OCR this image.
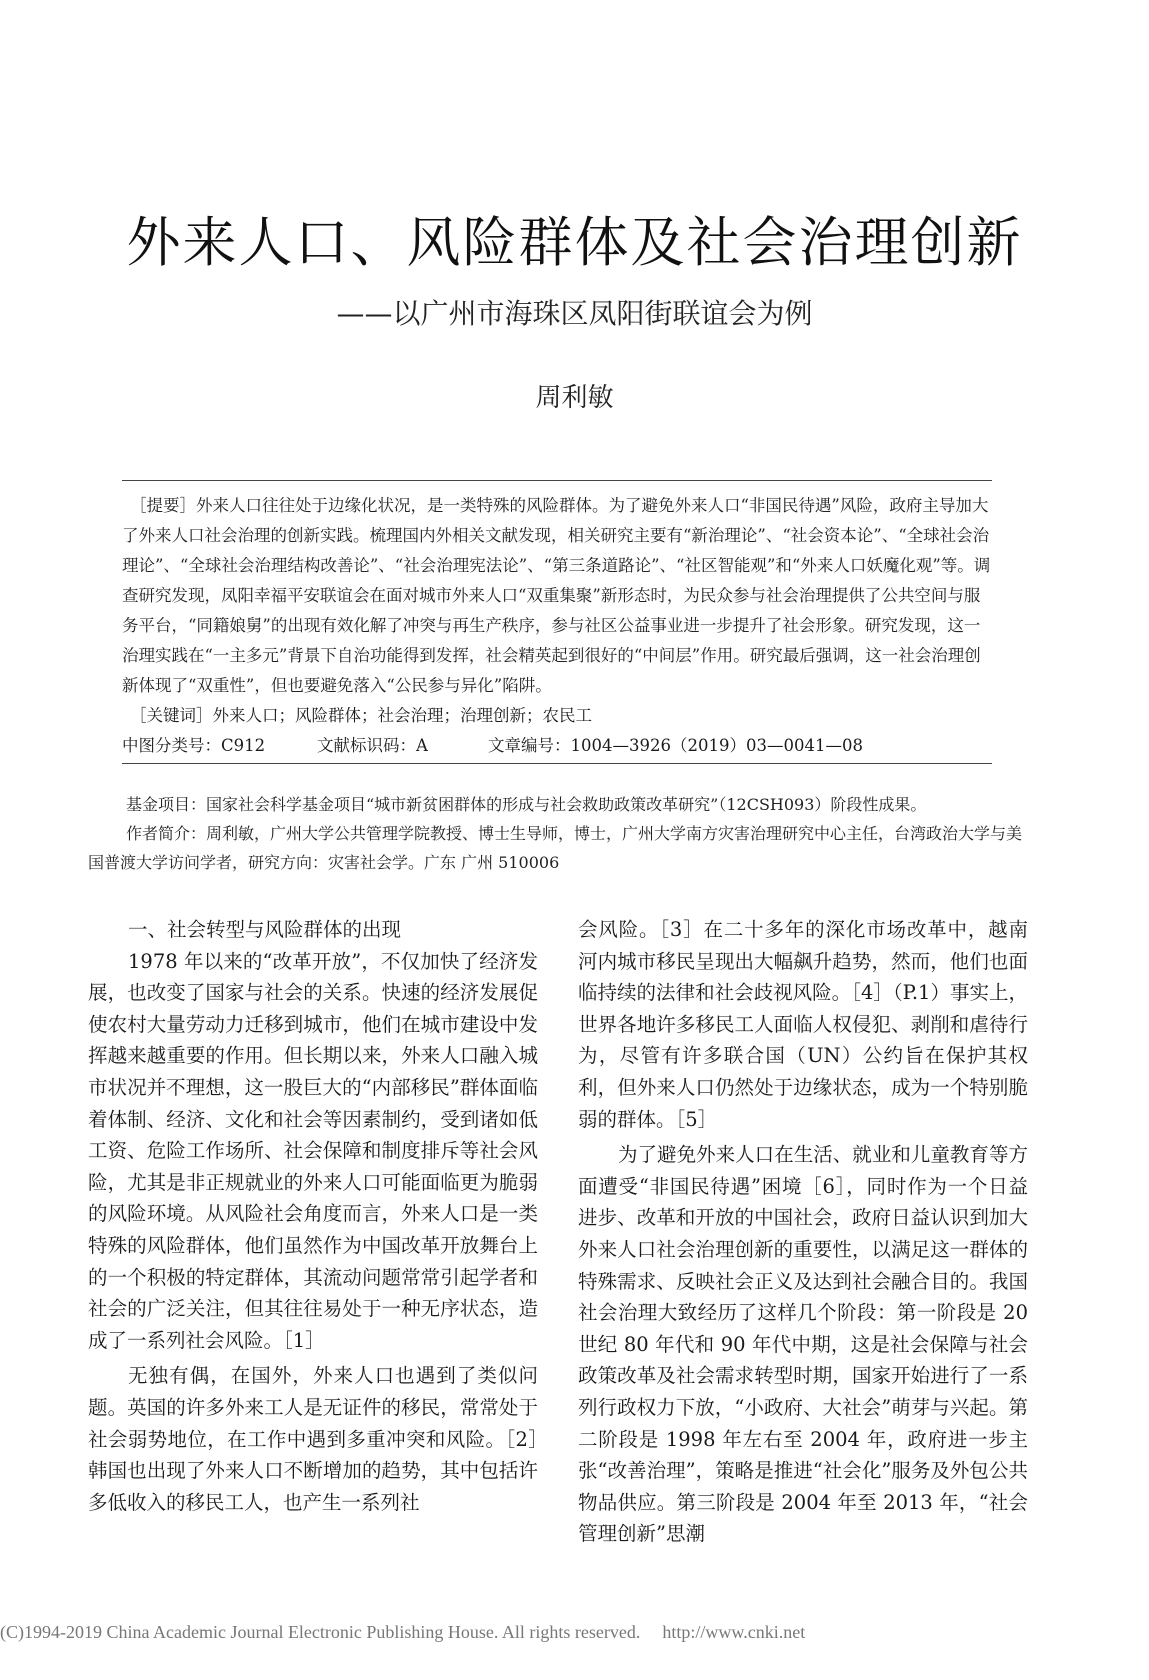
外来人口、风险群体及社会治理创新
——以广州市海珠区凤阳街联谊会为例
周利敏

［提要］外来人口往往处于边缘化状况，是一类特殊的风险群体。为了避免外来人口“非国民待遇”风险，政府主导加大了外来人口社会治理的创新实践。梳理国内外相关文献发现，相关研究主要有“新治理论”、“社会资本论”、“全球社会治理论”、“全球社会治理结构改善论”、“社会治理宪法论”、“第三条道路论”、“社区智能观”和“外来人口妖魔化观”等。调查研究发现，凤阳幸福平安联谊会在面对城市外来人口“双重集聚”新形态时，为民众参与社会治理提供了公共空间与服务平台，“同籍娘舅”的出现有效化解了冲突与再生产秩序，参与社区公益事业进一步提升了社会形象。研究发现，这一治理实践在“一主多元”背景下自治功能得到发挥，社会精英起到很好的“中间层”作用。研究最后强调，这一社会治理创新体现了“双重性”，但也要避免落入“公民参与异化”陷阱。

［关键词］外来人口；风险群体；社会治理；治理创新；农民工

中图分类号：C912	文献标识码：A	文章编号：1004—3926（2019）03—0041—08

基金项目：国家社会科学基金项目“城市新贫困群体的形成与社会救助政策改革研究”（12CSH093）阶段性成果。

作者简介：周利敏，广州大学公共管理学院教授、博士生导师，博士，广州大学南方灾害治理研究中心主任，台湾政治大学与美国普渡大学访问学者，研究方向：灾害社会学。广东 广州 510006

一、社会转型与风险群体的出现

1978 年以来的“改革开放”，不仅加快了经济发展，也改变了国家与社会的关系。快速的经济发展促使农村大量劳动力迁移到城市，他们在城市建设中发挥越来越重要的作用。但长期以来，外来人口融入城市状况并不理想，这一股巨大的“内部移民”群体面临着体制、经济、文化和社会等因素制约，受到诸如低工资、危险工作场所、社会保障和制度排斥等社会风险，尤其是非正规就业的外来人口可能面临更为脆弱的风险环境。从风险社会角度而言，外来人口是一类特殊的风险群体，他们虽然作为中国改革开放舞台上的一个积极的特定群体，其流动问题常常引起学者和社会的广泛关注，但其往往易处于一种无序状态，造成了一系列社会风险。［1］

无独有偶，在国外，外来人口也遇到了类似问题。英国的许多外来工人是无证件的移民，常常处于社会弱势地位，在工作中遇到多重冲突和风险。［2］韩国也出现了外来人口不断增加的趋势，其中包括许多低收入的移民工人，也产生一系列社

会风险。［3］在二十多年的深化市场改革中，越南河内城市移民呈现出大幅飙升趋势，然而，他们也面临持续的法律和社会歧视风险。［4］（P.1）事实上，世界各地许多移民工人面临人权侵犯、剥削和虐待行为，尽管有许多联合国（UN）公约旨在保护其权利，但外来人口仍然处于边缘状态，成为一个特别脆弱的群体。［5］

为了避免外来人口在生活、就业和儿童教育等方面遭受“非国民待遇”困境［6］，同时作为一个日益进步、改革和开放的中国社会，政府日益认识到加大外来人口社会治理创新的重要性，以满足这一群体的特殊需求、反映社会正义及达到社会融合目的。我国社会治理大致经历了这样几个阶段：第一阶段是 20 世纪 80 年代和 90 年代中期，这是社会保障与社会政策改革及社会需求转型时期，国家开始进行了一系列行政权力下放，“小政府、大社会”萌芽与兴起。第二阶段是 1998 年左右至 2004 年，政府进一步主张“改善治理”，策略是推进“社会化”服务及外包公共物品供应。第三阶段是 2004 年至 2013 年，“社会管理创新”思潮

(C)1994-2019 China Academic Journal Electronic Publishing House. All rights reserved. http://www.cnki.net
